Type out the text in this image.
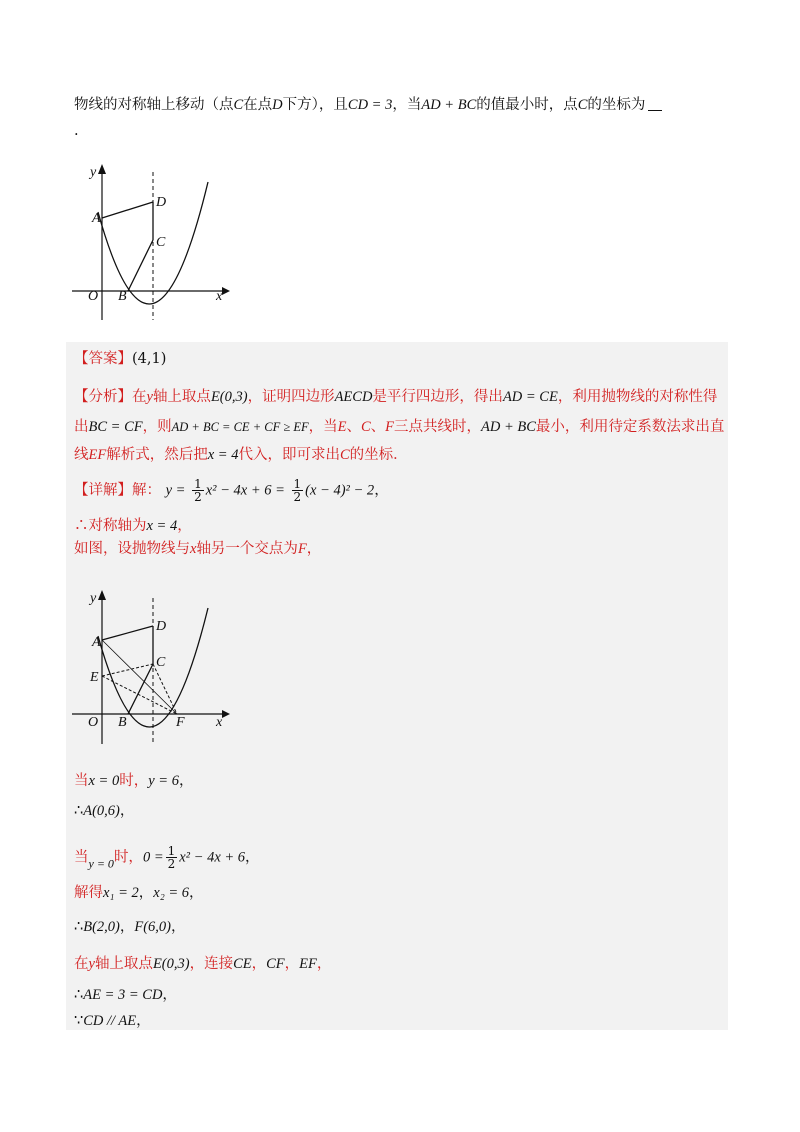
物线的对称轴上移动（点C在点D下方），且CD = 3，当AD + BC的值最小时，点C的坐标为
.
y
D
A
C
O B	x
【答案】(4,1)
【分析】在y轴上取点E(0,3)，证明四边形AECD是平行四边形，得出AD = CE，利用抛物线的对称性得
出BC = CF，则AD + BC = CE + CF ≥ EF，当E、C、F三点共线时，AD + BC最小，利用待定系数法求出直
线EF解析式，然后把x = 4代入，即可求出C的坐标．
【详解】解： $y = \frac{1}{2} x^2 - 4x + 6 = \frac{1}{2} (x - 4)^2 - 2$，
∴对称轴为x = 4，
如图，设抛物线与x轴另一个交点为F，
y
D
A
C
E
O B	F x
当x = 0时，y = 6，
∴A(0,6)，
当$_{y = 0}$时，$0 = \frac{1}{2} x^2 - 4x + 6$，
解得x₁ = 2，x₂ = 6，
∴B(2,0)，F(6,0)，
在y轴上取点E(0,3)，连接CE，CF，EF，
∴AE = 3 = CD，
∵CD // AE，
